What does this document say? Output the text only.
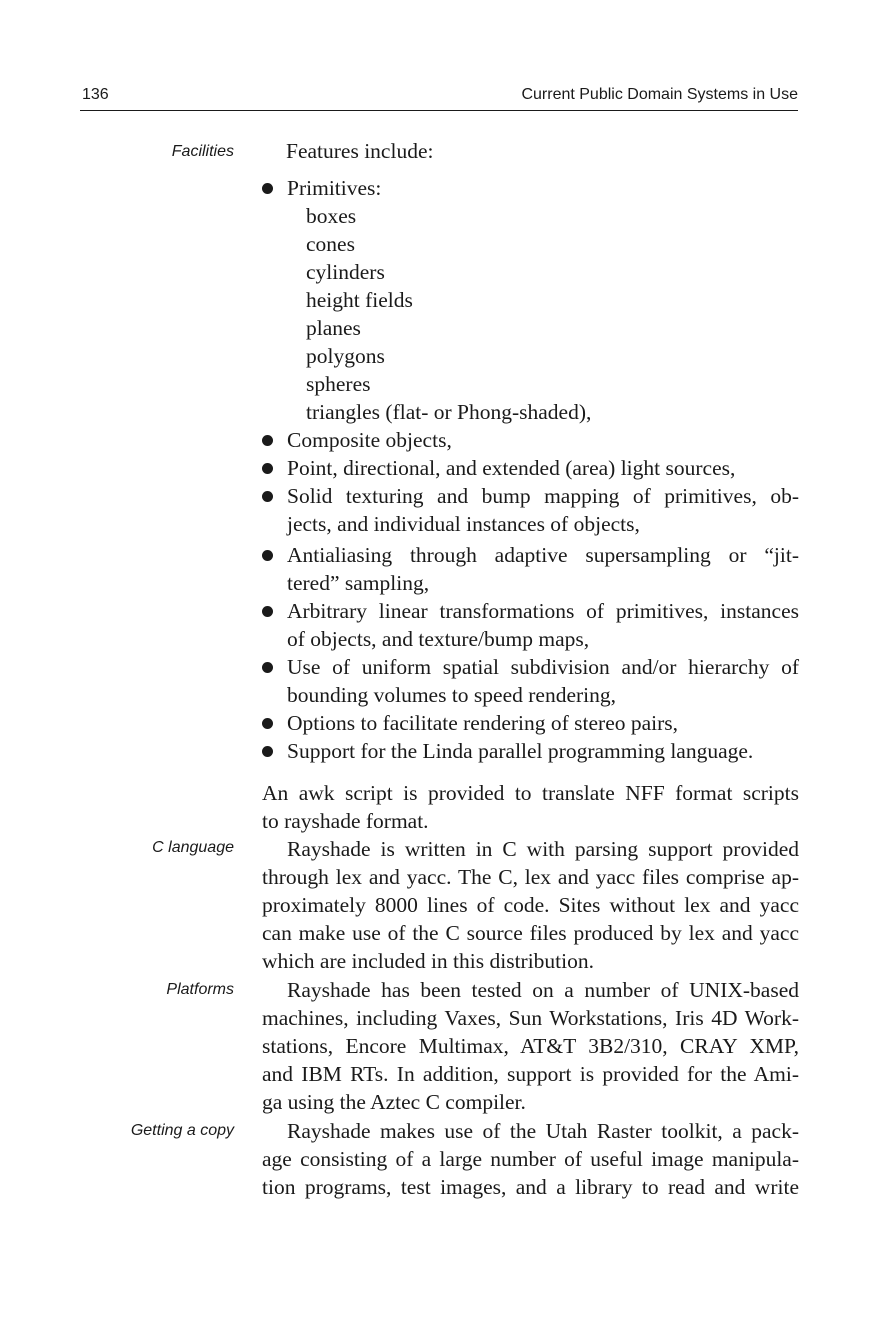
136	Current Public Domain Systems in Use
Facilities
C language
Platforms
Getting a copy
Features include:
Primitives:
boxes
cones
cylinders
height fields
planes
polygons
spheres
triangles (flat- or Phong-shaded),
Composite objects,
Point, directional, and extended (area) light sources,
Solid texturing and bump mapping of primitives, ob-
jects, and individual instances of objects,
Antialiasing through adaptive supersampling or “jit-
tered” sampling,
Arbitrary linear transformations of primitives, instances
of objects, and texture/bump maps,
Use of uniform spatial subdivision and/or hierarchy of
bounding volumes to speed rendering,
Options to facilitate rendering of stereo pairs,
Support for the Linda parallel programming language.
An awk script is provided to translate NFF format scripts
to rayshade format.
Rayshade is written in C with parsing support provided
through lex and yacc. The C, lex and yacc files comprise ap-
proximately 8000 lines of code. Sites without lex and yacc
can make use of the C source files produced by lex and yacc
which are included in this distribution.
Rayshade has been tested on a number of UNIX-based
machines, including Vaxes, Sun Workstations, Iris 4D Work-
stations, Encore Multimax, AT&T 3B2/310, CRAY XMP,
and IBM RTs. In addition, support is provided for the Ami-
ga using the Aztec C compiler.
Rayshade makes use of the Utah Raster toolkit, a pack-
age consisting of a large number of useful image manipula-
tion programs, test images, and a library to read and write
